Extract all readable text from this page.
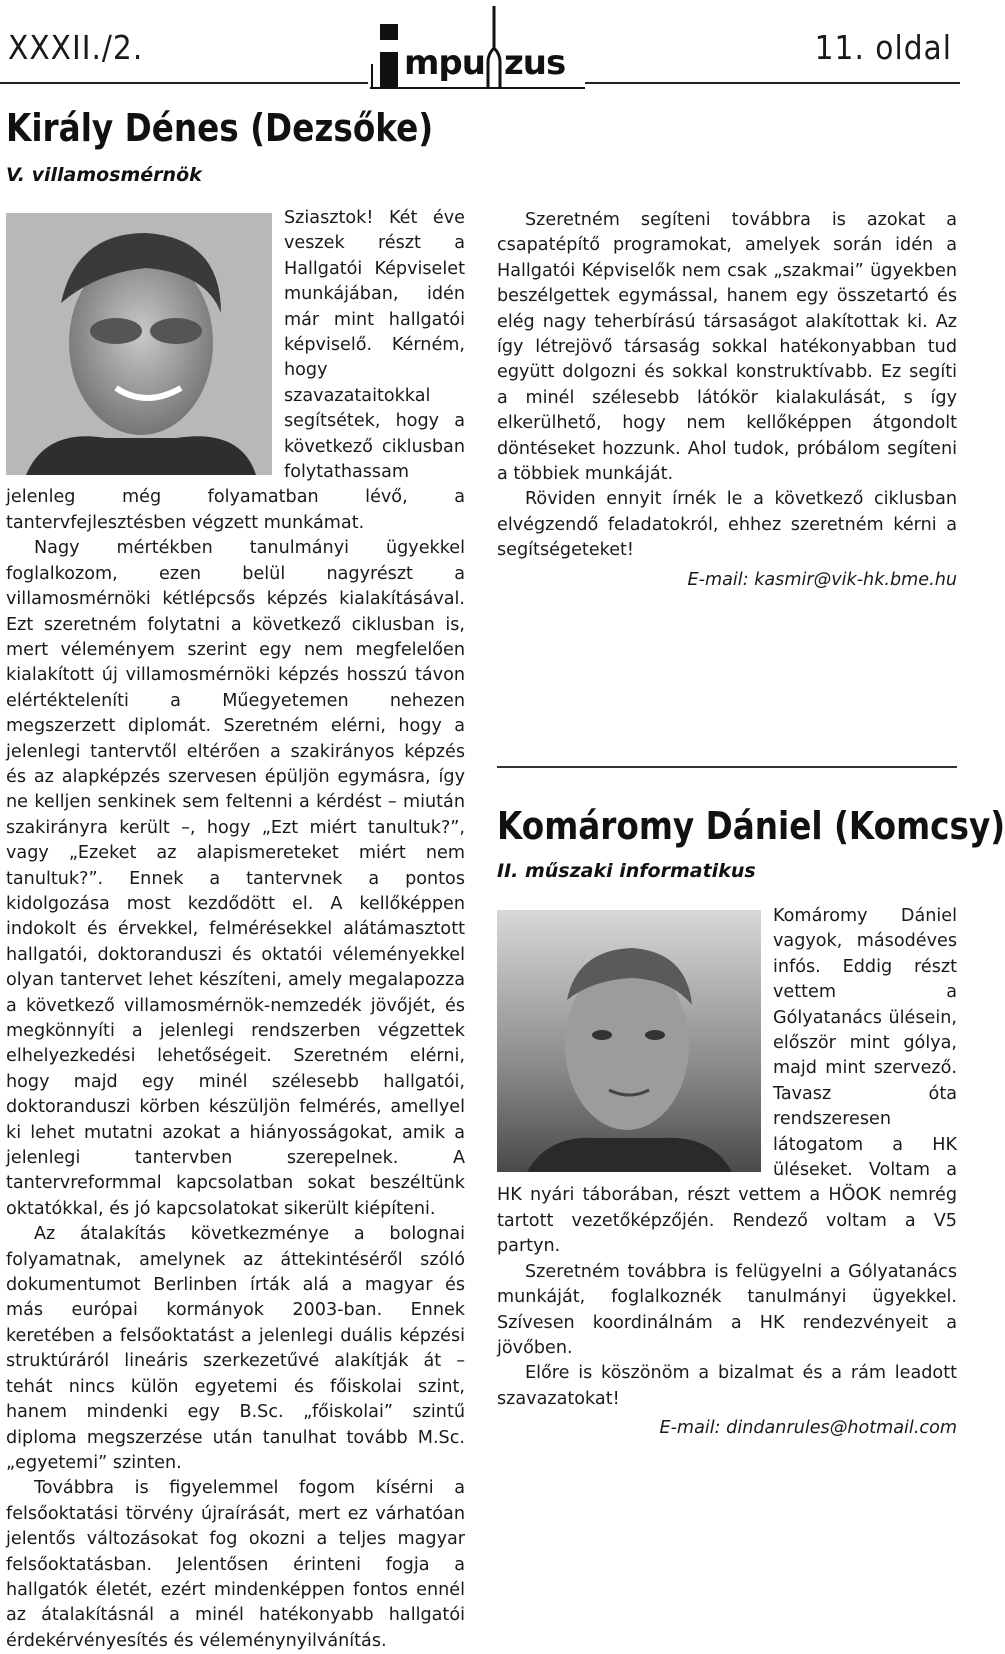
XXXII./2.	11. oldal
mpu zus
Király Dénes (Dezsőke)
V. villamosmérnök

Sziasztok! Két éve veszek részt a Hallgatói Képviselet munkájában, idén már mint hallgatói képviselő. Kérném, hogy szavazataitokkal segítsétek, hogy a következő ciklusban folytathassam jelenleg még folyamatban lévő, a tantervfejlesztésben végzett munkámat.

Nagy mértékben tanulmányi ügyekkel foglalkozom, ezen belül nagyrészt a villamosmérnöki kétlépcsős képzés kialakításával. Ezt szeretném folytatni a következő ciklusban is, mert véleményem szerint egy nem megfelelően kialakított új villamosmérnöki képzés hosszú távon elértékteleníti a Műegyetemen nehezen megszerzett diplomát. Szeretném elérni, hogy a jelenlegi tantervtől eltérően a szakirányos képzés és az alapképzés szervesen épüljön egymásra, így ne kelljen senkinek sem feltenni a kérdést – miután szakirányra került –, hogy „Ezt miért tanultuk?”, vagy „Ezeket az alapismereteket miért nem tanultuk?”. Ennek a tantervnek a pontos kidolgozása most kezdődött el. A kellőképpen indokolt és érvekkel, felmérésekkel alátámasztott hallgatói, doktoranduszi és oktatói véleményekkel olyan tantervet lehet készíteni, amely megalapozza a következő villamosmérnök-nemzedék jövőjét, és megkönnyíti a jelenlegi rendszerben végzettek elhelyezkedési lehetőségeit. Szeretném elérni, hogy majd egy minél szélesebb hallgatói, doktoranduszi körben készüljön felmérés, amellyel ki lehet mutatni azokat a hiányosságokat, amik a jelenlegi tantervben szerepelnek. A tantervreformmal kapcsolatban sokat beszéltünk oktatókkal, és jó kapcsolatokat sikerült kiépíteni.

Az átalakítás következménye a bolognai folyamatnak, amelynek az áttekintéséről szóló dokumentumot Berlinben írták alá a magyar és más európai kormányok 2003-ban. Ennek keretében a felsőoktatást a jelenlegi duális képzési struktúráról lineáris szerkezetűvé alakítják át – tehát nincs külön egyetemi és főiskolai szint, hanem mindenki egy B.Sc. „főiskolai” szintű diploma megszerzése után tanulhat tovább M.Sc. „egyetemi” szinten.

Továbbra is figyelemmel fogom kísérni a felsőoktatási törvény újraírását, mert ez várhatóan jelentős változásokat fog okozni a teljes magyar felsőoktatásban. Jelentősen érinteni fogja a hallgatók életét, ezért mindenképpen fontos ennél az átalakításnál a minél hatékonyabb hallgatói érdekérvényesítés és véleménynyilvánítás.

Szeretném segíteni továbbra is azokat a csapatépítő programokat, amelyek során idén a Hallgatói Képviselők nem csak „szakmai” ügyekben beszélgettek egymással, hanem egy összetartó és elég nagy teherbírású társaságot alakítottak ki. Az így létrejövő társaság sokkal hatékonyabban tud együtt dolgozni és sokkal konstruktívabb. Ez segíti a minél szélesebb látókör kialakulását, s így elkerülhető, hogy nem kellőképpen átgondolt döntéseket hozzunk. Ahol tudok, próbálom segíteni a többiek munkáját.

Röviden ennyit írnék le a következő ciklusban elvégzendő feladatokról, ehhez szeretném kérni a segítségeteket!

E-mail: kasmir@vik-hk.bme.hu
Komáromy Dániel (Komcsy)
II. műszaki informatikus

Komáromy Dániel vagyok, másodéves infós. Eddig részt vettem a Gólyatanács ülésein, először mint gólya, majd mint szervező. Tavasz óta rendszeresen látogatom a HK üléseket. Voltam a HK nyári táborában, részt vettem a HÖOK nemrég tartott vezetőképzőjén. Rendező voltam a V5 partyn.

Szeretném továbbra is felügyelni a Gólyatanács munkáját, foglalkoznék tanulmányi ügyekkel. Szívesen koordinálnám a HK rendezvényeit a jövőben.

Előre is köszönöm a bizalmat és a rám leadott szavazatokat!

E-mail: dindanrules@hotmail.com
